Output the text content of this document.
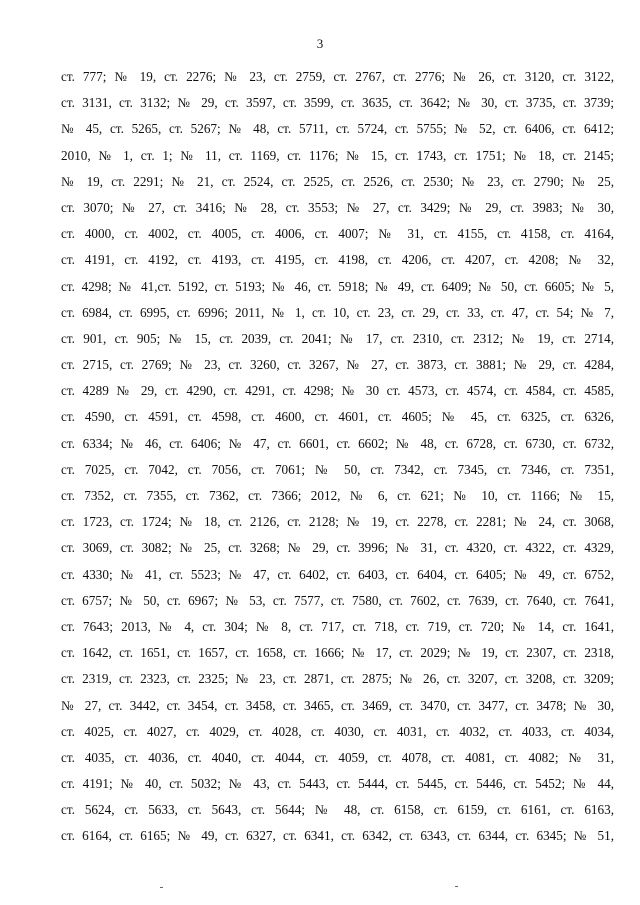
3
ст. 777; № 19, ст. 2276; № 23, ст. 2759, ст. 2767, ст. 2776; № 26, ст. 3120, ст. 3122,
ст. 3131, ст. 3132; № 29, ст. 3597, ст. 3599, ст. 3635, ст. 3642; № 30, ст. 3735, ст. 3739;
№ 45, ст. 5265, ст. 5267; № 48, ст. 5711, ст. 5724, ст. 5755; № 52, ст. 6406, ст. 6412;
2010, № 1, ст. 1; № 11, ст. 1169, ст. 1176; № 15, ст. 1743, ст. 1751; № 18, ст. 2145;
№ 19, ст. 2291; № 21, ст. 2524, ст. 2525, ст. 2526, ст. 2530; № 23, ст. 2790; № 25,
ст. 3070; № 27, ст. 3416; № 28, ст. 3553; № 27, ст. 3429; № 29, ст. 3983; № 30,
ст. 4000, ст. 4002, ст. 4005, ст. 4006, ст. 4007; № 31, ст. 4155, ст. 4158, ст. 4164,
ст. 4191, ст. 4192, ст. 4193, ст. 4195, ст. 4198, ст. 4206, ст. 4207, ст. 4208; № 32,
ст. 4298; № 41,ст. 5192, ст. 5193; № 46, ст. 5918; № 49, ст. 6409; № 50, ст. 6605; № 5,
ст. 6984, ст. 6995, ст. 6996; 2011, № 1, ст. 10, ст. 23, ст. 29, ст. 33, ст. 47, ст. 54; № 7,
ст. 901, ст. 905; № 15, ст. 2039, ст. 2041; № 17, ст. 2310, ст. 2312; № 19, ст. 2714,
ст. 2715, ст. 2769; № 23, ст. 3260, ст. 3267, № 27, ст. 3873, ст. 3881; № 29, ст. 4284,
ст. 4289 № 29, ст. 4290, ст. 4291, ст. 4298; № 30 ст. 4573, ст. 4574, ст. 4584, ст. 4585,
ст. 4590, ст. 4591, ст. 4598, ст. 4600, ст. 4601, ст. 4605; № 45, ст. 6325, ст. 6326,
ст. 6334; № 46, ст. 6406; № 47, ст. 6601, ст. 6602; № 48, ст. 6728, ст. 6730, ст. 6732,
ст. 7025, ст. 7042, ст. 7056, ст. 7061; № 50, ст. 7342, ст. 7345, ст. 7346, ст. 7351,
ст. 7352, ст. 7355, ст. 7362, ст. 7366; 2012, № 6, ст. 621; № 10, ст. 1166; № 15,
ст. 1723, ст. 1724; № 18, ст. 2126, ст. 2128; № 19, ст. 2278, ст. 2281; № 24, ст. 3068,
ст. 3069, ст. 3082; № 25, ст. 3268; № 29, ст. 3996; № 31, ст. 4320, ст. 4322, ст. 4329,
ст. 4330; № 41, ст. 5523; № 47, ст. 6402, ст. 6403, ст. 6404, ст. 6405; № 49, ст. 6752,
ст. 6757; № 50, ст. 6967; № 53, ст. 7577, ст. 7580, ст. 7602, ст. 7639, ст. 7640, ст. 7641,
ст. 7643; 2013, № 4, ст. 304; № 8, ст. 717, ст. 718, ст. 719, ст. 720; № 14, ст. 1641,
ст. 1642, ст. 1651, ст. 1657, ст. 1658, ст. 1666; № 17, ст. 2029; № 19, ст. 2307, ст. 2318,
ст. 2319, ст. 2323, ст. 2325; № 23, ст. 2871, ст. 2875; № 26, ст. 3207, ст. 3208, ст. 3209;
№ 27, ст. 3442, ст. 3454, ст. 3458, ст. 3465, ст. 3469, ст. 3470, ст. 3477, ст. 3478; № 30,
ст. 4025, ст. 4027, ст. 4029, ст. 4028, ст. 4030, ст. 4031, ст. 4032, ст. 4033, ст. 4034,
ст. 4035, ст. 4036, ст. 4040, ст. 4044, ст. 4059, ст. 4078, ст. 4081, ст. 4082; № 31,
ст. 4191; № 40, ст. 5032; № 43, ст. 5443, ст. 5444, ст. 5445, ст. 5446, ст. 5452; № 44,
ст. 5624, ст. 5633, ст. 5643, ст. 5644; № 48, ст. 6158, ст. 6159, ст. 6161, ст. 6163,
ст. 6164, ст. 6165; № 49, ст. 6327, ст. 6341, ст. 6342, ст. 6343, ст. 6344, ст. 6345; № 51,
